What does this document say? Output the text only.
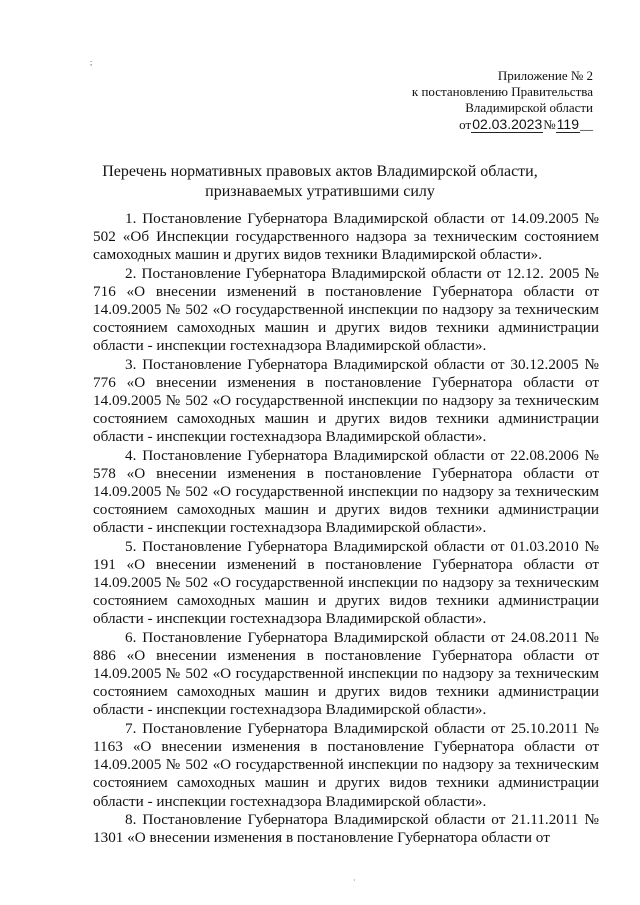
;
Приложение № 2
к постановлению Правительства
Владимирской области
от02.03.2023№119__
Перечень нормативных правовых актов Владимирской области,
признаваемых утратившими силу

1. Постановление Губернатора Владимирской области от 14.09.2005 № 502 «Об Инспекции государственного надзора за техническим состоянием самоходных машин и других видов техники Владимирской области».

2. Постановление Губернатора Владимирской области от 12.12. 2005 № 716 «О внесении изменений в постановление Губернатора области от 14.09.2005 № 502 «О государственной инспекции по надзору за техническим состоянием самоходных машин и других видов техники администрации области - инспекции гостехнадзора Владимирской области».

3. Постановление Губернатора Владимирской области от 30.12.2005 № 776 «О внесении изменения в постановление Губернатора области от 14.09.2005 № 502 «О государственной инспекции по надзору за техническим состоянием самоходных машин и других видов техники администрации области - инспекции гостехнадзора Владимирской области».

4. Постановление Губернатора Владимирской области от 22.08.2006 № 578 «О внесении изменения в постановление Губернатора области от 14.09.2005 № 502 «О государственной инспекции по надзору за техническим состоянием самоходных машин и других видов техники администрации области - инспекции гостехнадзора Владимирской области».

5. Постановление Губернатора Владимирской области от 01.03.2010 № 191 «О внесении изменений в постановление Губернатора области от 14.09.2005 № 502 «О государственной инспекции по надзору за техническим состоянием самоходных машин и других видов техники администрации области - инспекции гостехнадзора Владимирской области».

6. Постановление Губернатора Владимирской области от 24.08.2011 № 886 «О внесении изменения в постановление Губернатора области от 14.09.2005 № 502 «О государственной инспекции по надзору за техническим состоянием самоходных машин и других видов техники администрации области - инспекции гостехнадзора Владимирской области».

7. Постановление Губернатора Владимирской области от 25.10.2011 № 1163 «О внесении изменения в постановление Губернатора области от 14.09.2005 № 502 «О государственной инспекции по надзору за техническим состоянием самоходных машин и других видов техники администрации области - инспекции гостехнадзора Владимирской области».

8. Постановление Губернатора Владимирской области от 21.11.2011 № 1301 «О внесении изменения в постановление Губернатора области от

·
